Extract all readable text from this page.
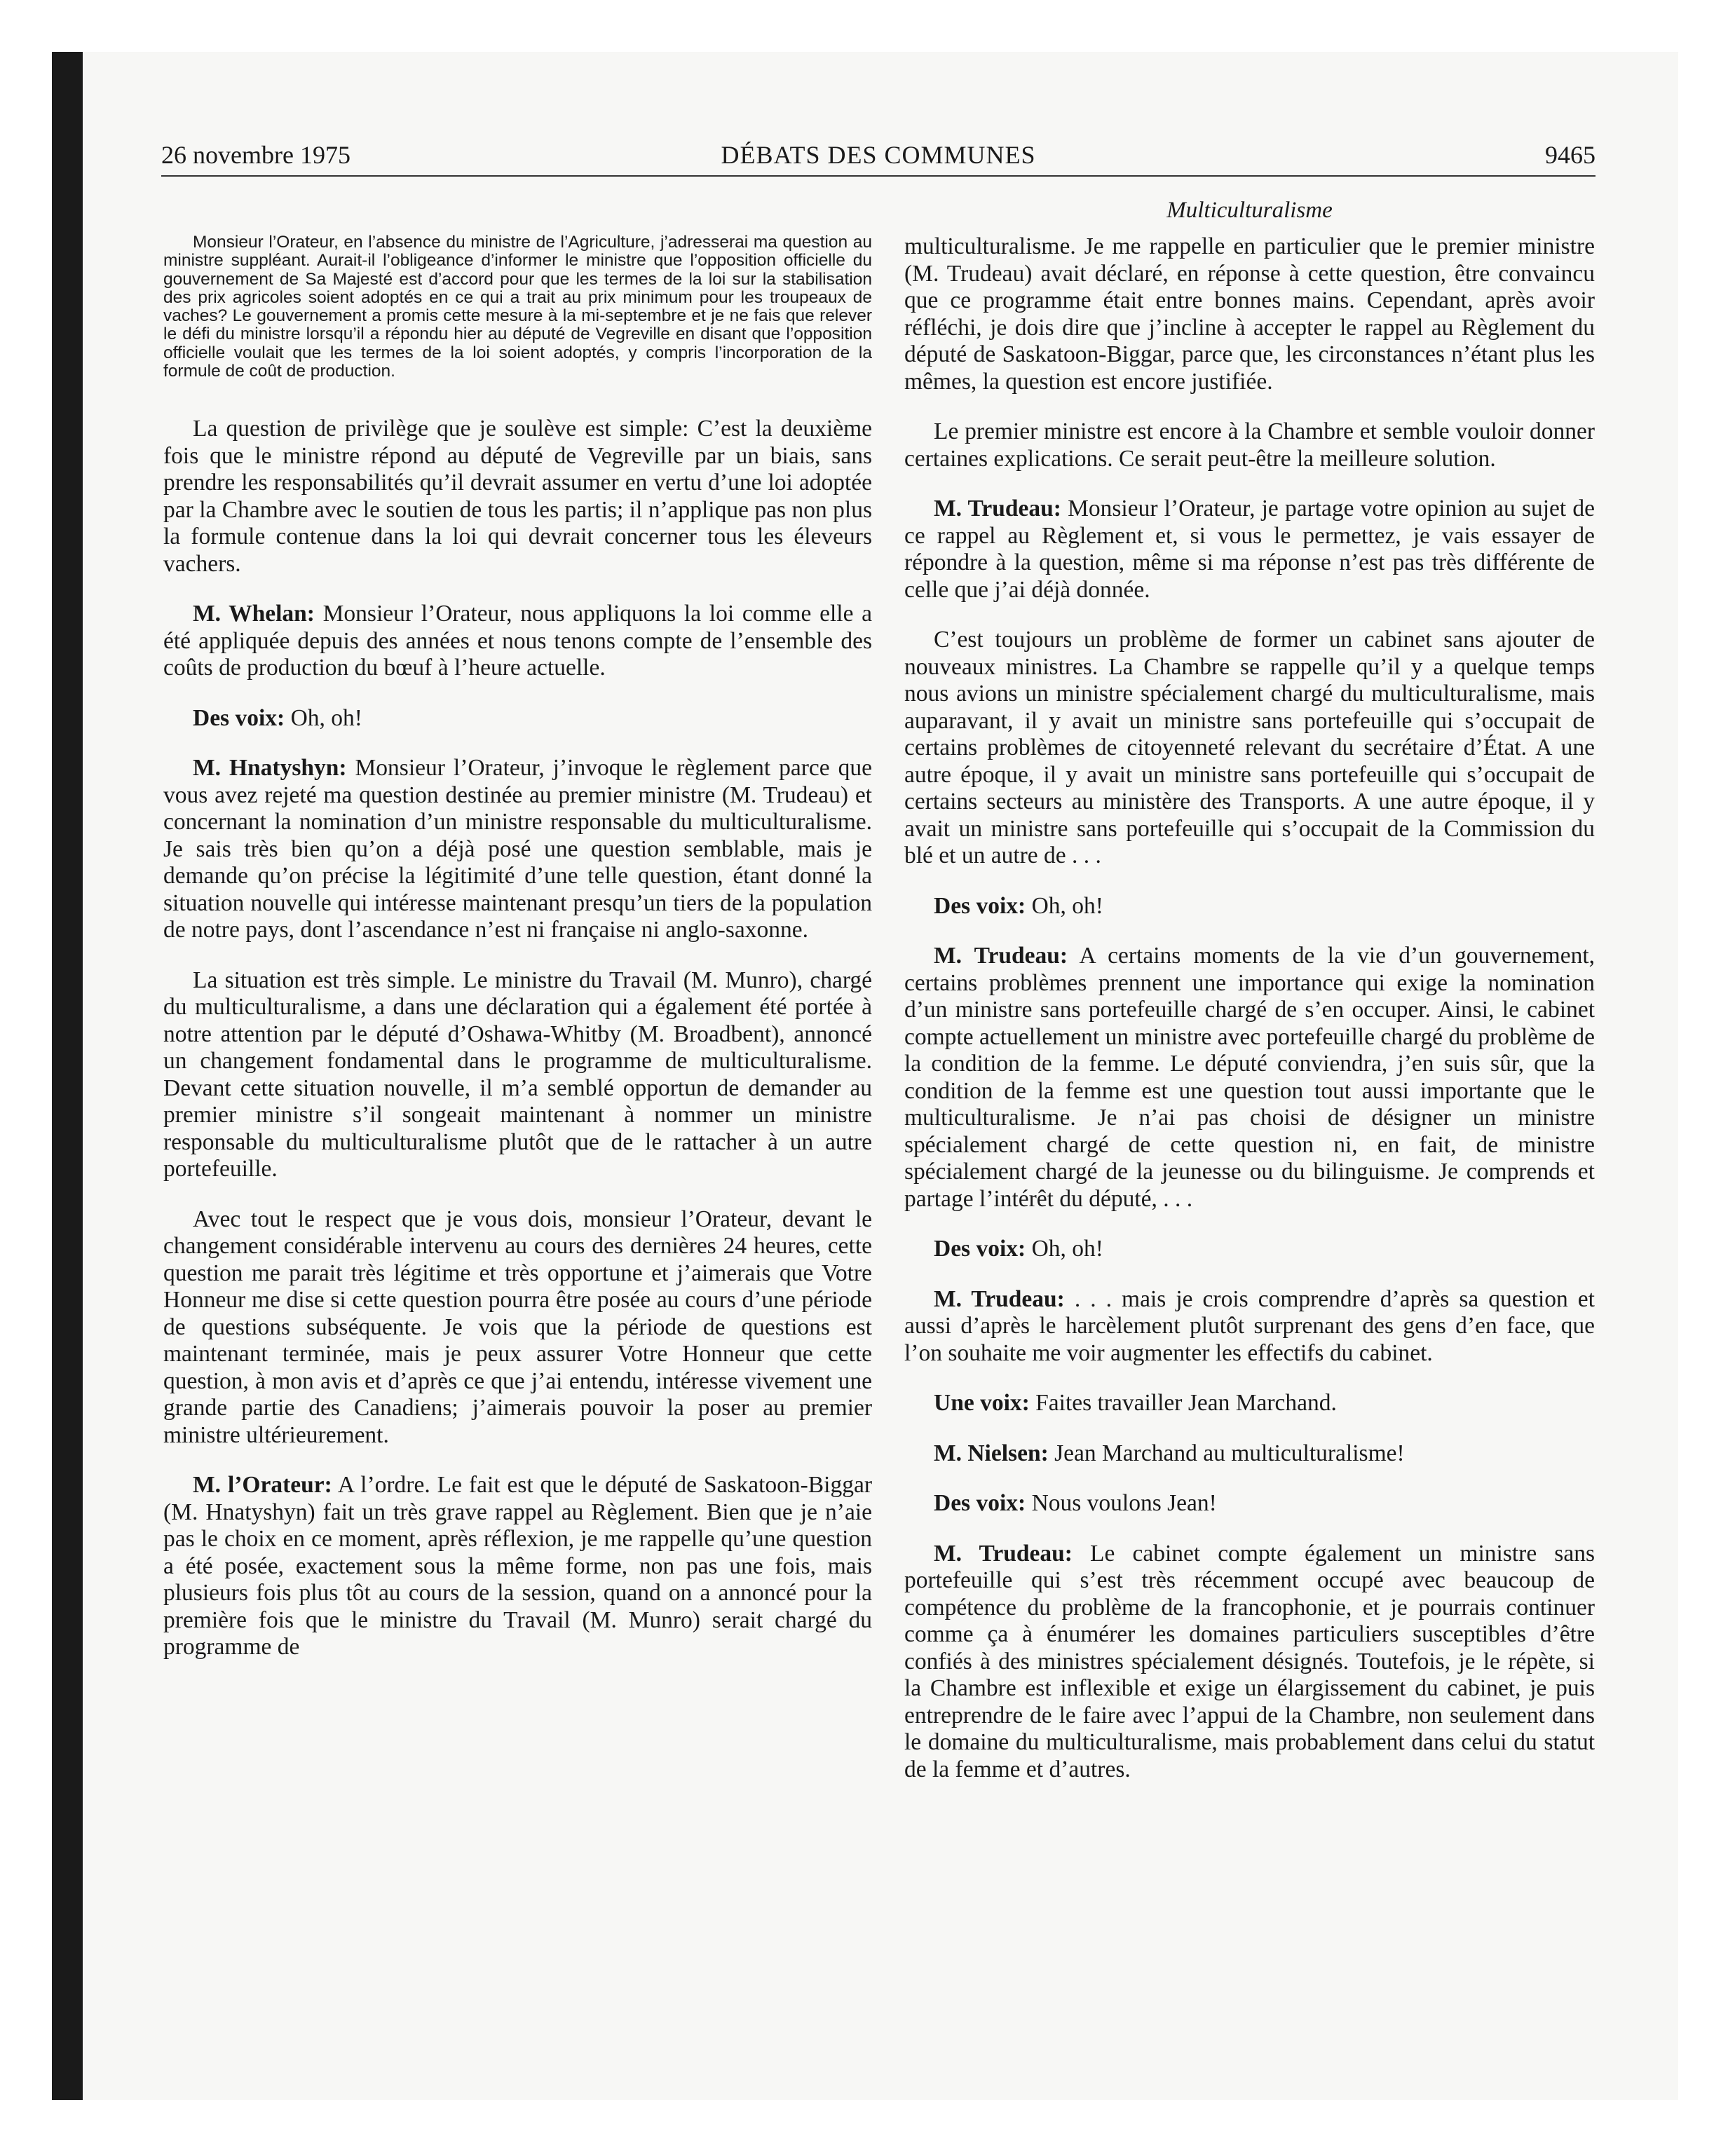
26 novembre 1975	DÉBATS DES COMMUNES	9465
Multiculturalisme

Monsieur l’Orateur, en l’absence du ministre de l’Agriculture, j’adresserai ma question au ministre suppléant. Aurait-il l’obligeance d’informer le ministre que l’opposition officielle du gouvernement de Sa Majesté est d’accord pour que les termes de la loi sur la stabilisation des prix agricoles soient adoptés en ce qui a trait au prix minimum pour les troupeaux de vaches? Le gouvernement a promis cette mesure à la mi-septembre et je ne fais que relever le défi du ministre lorsqu’il a répondu hier au député de Vegreville en disant que l’opposition officielle voulait que les termes de la loi soient adoptés, y compris l’incorporation de la formule de coût de production.

La question de privilège que je soulève est simple: C’est la deuxième fois que le ministre répond au député de Vegreville par un biais, sans prendre les responsabilités qu’il devrait assumer en vertu d’une loi adoptée par la Chambre avec le soutien de tous les partis; il n’applique pas non plus la formule contenue dans la loi qui devrait concerner tous les éleveurs vachers.

M. Whelan: Monsieur l’Orateur, nous appliquons la loi comme elle a été appliquée depuis des années et nous tenons compte de l’ensemble des coûts de production du bœuf à l’heure actuelle.

Des voix: Oh, oh!

M. Hnatyshyn: Monsieur l’Orateur, j’invoque le règlement parce que vous avez rejeté ma question destinée au premier ministre (M. Trudeau) et concernant la nomination d’un ministre responsable du multiculturalisme. Je sais très bien qu’on a déjà posé une question semblable, mais je demande qu’on précise la légitimité d’une telle question, étant donné la situation nouvelle qui intéresse maintenant presqu’un tiers de la population de notre pays, dont l’ascendance n’est ni française ni anglo-saxonne.

La situation est très simple. Le ministre du Travail (M. Munro), chargé du multiculturalisme, a dans une déclaration qui a également été portée à notre attention par le député d’Oshawa-Whitby (M. Broadbent), annoncé un changement fondamental dans le programme de multiculturalisme. Devant cette situation nouvelle, il m’a semblé opportun de demander au premier ministre s’il songeait maintenant à nommer un ministre responsable du multiculturalisme plutôt que de le rattacher à un autre portefeuille.

Avec tout le respect que je vous dois, monsieur l’Orateur, devant le changement considérable intervenu au cours des dernières 24 heures, cette question me parait très légitime et très opportune et j’aimerais que Votre Honneur me dise si cette question pourra être posée au cours d’une période de questions subséquente. Je vois que la période de questions est maintenant terminée, mais je peux assurer Votre Honneur que cette question, à mon avis et d’après ce que j’ai entendu, intéresse vivement une grande partie des Canadiens; j’aimerais pouvoir la poser au premier ministre ultérieurement.

M. l’Orateur: A l’ordre. Le fait est que le député de Saskatoon-Biggar (M. Hnatyshyn) fait un très grave rappel au Règlement. Bien que je n’aie pas le choix en ce moment, après réflexion, je me rappelle qu’une question a été posée, exactement sous la même forme, non pas une fois, mais plusieurs fois plus tôt au cours de la session, quand on a annoncé pour la première fois que le ministre du Travail (M. Munro) serait chargé du programme de

multiculturalisme. Je me rappelle en particulier que le premier ministre (M. Trudeau) avait déclaré, en réponse à cette question, être convaincu que ce programme était entre bonnes mains. Cependant, après avoir réfléchi, je dois dire que j’incline à accepter le rappel au Règlement du député de Saskatoon-Biggar, parce que, les circonstances n’étant plus les mêmes, la question est encore justifiée.

Le premier ministre est encore à la Chambre et semble vouloir donner certaines explications. Ce serait peut-être la meilleure solution.

M. Trudeau: Monsieur l’Orateur, je partage votre opinion au sujet de ce rappel au Règlement et, si vous le permettez, je vais essayer de répondre à la question, même si ma réponse n’est pas très différente de celle que j’ai déjà donnée.

C’est toujours un problème de former un cabinet sans ajouter de nouveaux ministres. La Chambre se rappelle qu’il y a quelque temps nous avions un ministre spécialement chargé du multiculturalisme, mais auparavant, il y avait un ministre sans portefeuille qui s’occupait de certains problèmes de citoyenneté relevant du secrétaire d’État. A une autre époque, il y avait un ministre sans portefeuille qui s’occupait de certains secteurs au ministère des Transports. A une autre époque, il y avait un ministre sans portefeuille qui s’occupait de la Commission du blé et un autre de . . .

Des voix: Oh, oh!

M. Trudeau: A certains moments de la vie d’un gouvernement, certains problèmes prennent une importance qui exige la nomination d’un ministre sans portefeuille chargé de s’en occuper. Ainsi, le cabinet compte actuellement un ministre avec portefeuille chargé du problème de la condition de la femme. Le député conviendra, j’en suis sûr, que la condition de la femme est une question tout aussi importante que le multiculturalisme. Je n’ai pas choisi de désigner un ministre spécialement chargé de cette question ni, en fait, de ministre spécialement chargé de la jeunesse ou du bilinguisme. Je comprends et partage l’intérêt du député, . . .

Des voix: Oh, oh!

M. Trudeau: . . . mais je crois comprendre d’après sa question et aussi d’après le harcèlement plutôt surprenant des gens d’en face, que l’on souhaite me voir augmenter les effectifs du cabinet.

Une voix: Faites travailler Jean Marchand.

M. Nielsen: Jean Marchand au multiculturalisme!

Des voix: Nous voulons Jean!

M. Trudeau: Le cabinet compte également un ministre sans portefeuille qui s’est très récemment occupé avec beaucoup de compétence du problème de la francophonie, et je pourrais continuer comme ça à énumérer les domaines particuliers susceptibles d’être confiés à des ministres spécialement désignés. Toutefois, je le répète, si la Chambre est inflexible et exige un élargissement du cabinet, je puis entreprendre de le faire avec l’appui de la Chambre, non seulement dans le domaine du multiculturalisme, mais probablement dans celui du statut de la femme et d’autres.
